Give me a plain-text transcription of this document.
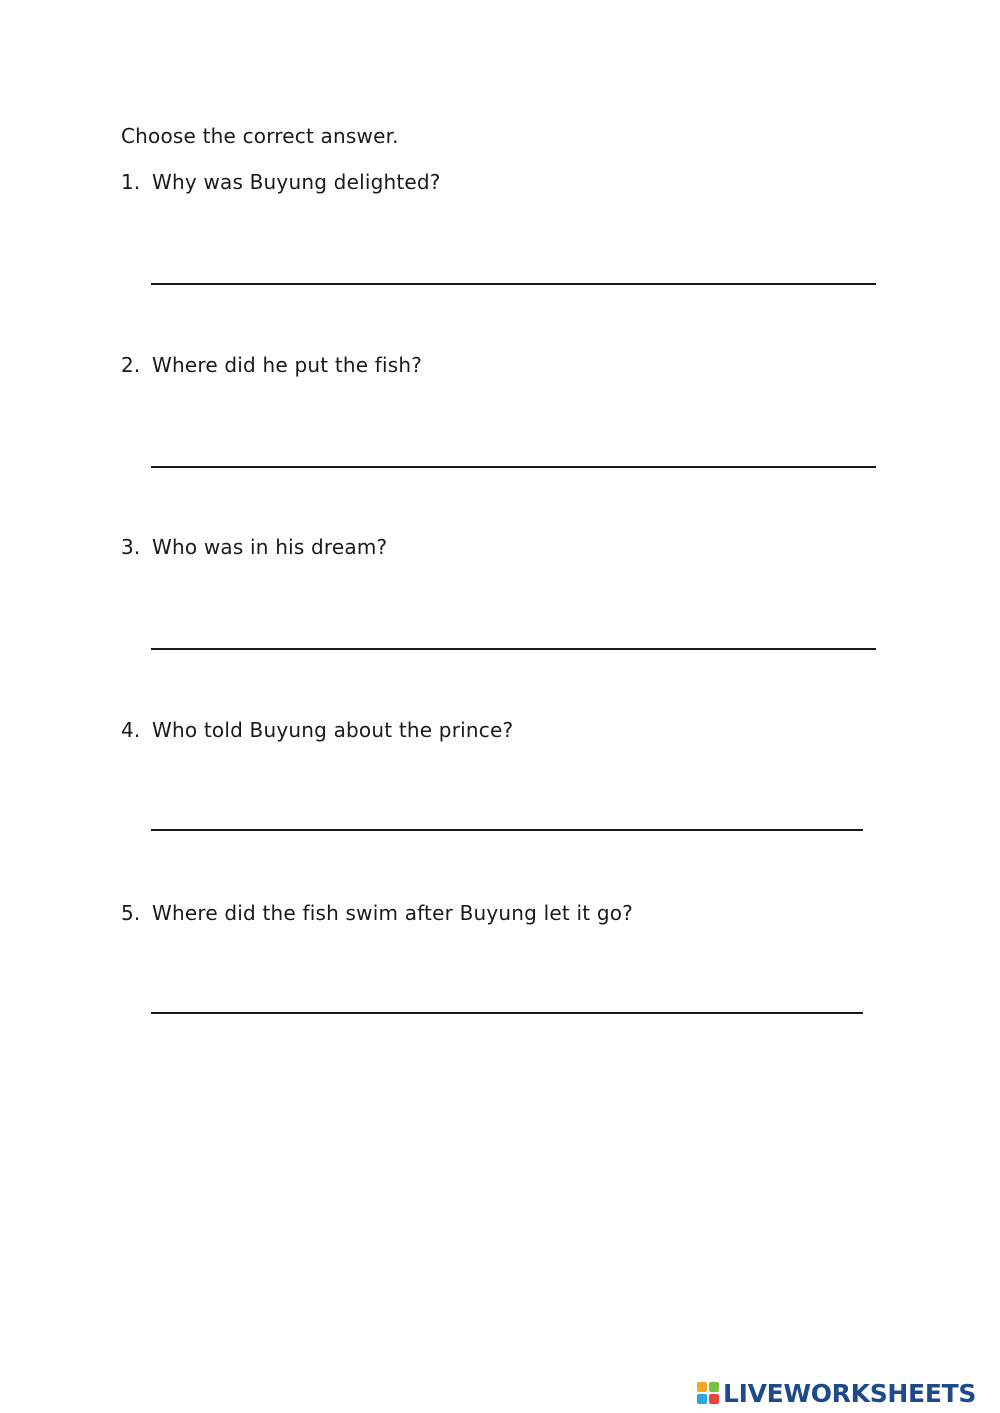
Choose the correct answer.
1. Why was Buyung delighted?
2. Where did he put the fish?
3. Who was in his dream?
4. Who told Buyung about the prince?
5. Where did the fish swim after Buyung let it go?
LIVEWORKSHEETS
